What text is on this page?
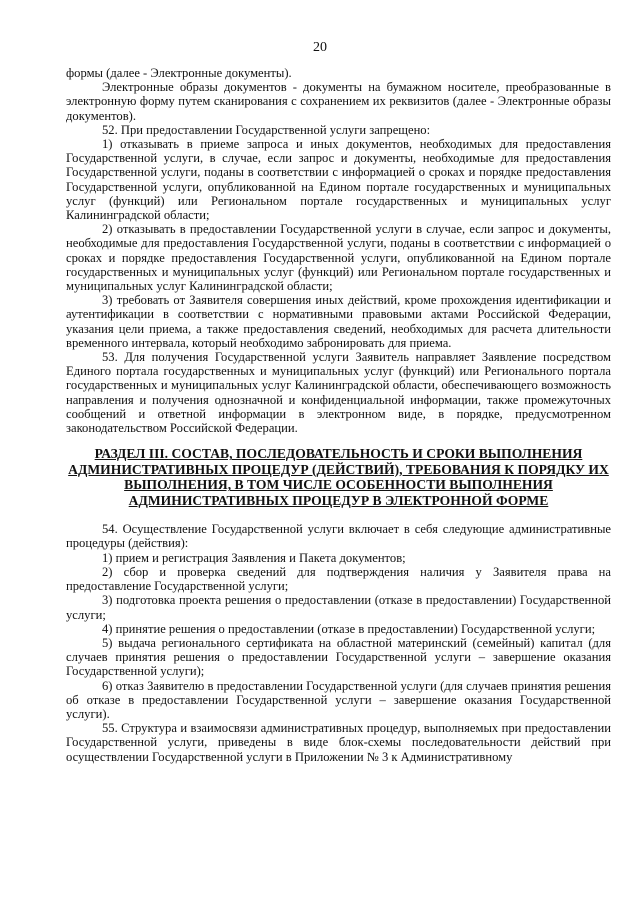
20

формы (далее - Электронные документы).

Электронные образы документов - документы на бумажном носителе, преобразованные в электронную форму путем сканирования с сохранением их реквизитов (далее - Электронные образы документов).

52. При предоставлении Государственной услуги запрещено:

1) отказывать в приеме запроса и иных документов, необходимых для предоставления Государственной услуги, в случае, если запрос и документы, необходимые для предоставления Государственной услуги, поданы в соответствии с информацией о сроках и порядке предоставления Государственной услуги, опубликованной на Едином портале государственных и муниципальных услуг (функций) или Региональном портале государственных и муниципальных услуг Калининградской области;

2) отказывать в предоставлении Государственной услуги в случае, если запрос и документы, необходимые для предоставления Государственной услуги, поданы в соответствии с информацией о сроках и порядке предоставления Государственной услуги, опубликованной на Едином портале государственных и муниципальных услуг (функций) или Региональном портале государственных и муниципальных услуг Калининградской области;

3) требовать от Заявителя совершения иных действий, кроме прохождения идентификации и аутентификации в соответствии с нормативными правовыми актами Российской Федерации, указания цели приема, а также предоставления сведений, необходимых для расчета длительности временного интервала, который необходимо забронировать для приема.

53. Для получения Государственной услуги Заявитель направляет Заявление посредством Единого портала государственных и муниципальных услуг (функций) или Регионального портала государственных и муниципальных услуг Калининградской области, обеспечивающего возможность направления и получения однозначной и конфиденциальной информации, также промежуточных сообщений и ответной информации в электронном виде, в порядке, предусмотренном законодательством Российской Федерации.

РАЗДЕЛ III. СОСТАВ, ПОСЛЕДОВАТЕЛЬНОСТЬ И СРОКИ ВЫПОЛНЕНИЯ АДМИНИСТРАТИВНЫХ ПРОЦЕДУР (ДЕЙСТВИЙ), ТРЕБОВАНИЯ К ПОРЯДКУ ИХ ВЫПОЛНЕНИЯ, В ТОМ ЧИСЛЕ ОСОБЕННОСТИ ВЫПОЛНЕНИЯ АДМИНИСТРАТИВНЫХ ПРОЦЕДУР В ЭЛЕКТРОННОЙ ФОРМЕ

54. Осуществление Государственной услуги включает в себя следующие административные процедуры (действия):

1) прием и регистрация Заявления и Пакета документов;

2) сбор и проверка сведений для подтверждения наличия у Заявителя права на предоставление Государственной услуги;

3) подготовка проекта решения о предоставлении (отказе в предоставлении) Государственной услуги;

4) принятие решения о предоставлении (отказе в предоставлении) Государственной услуги;

5) выдача регионального сертификата на областной материнский (семейный) капитал (для случаев принятия решения о предоставлении Государственной услуги – завершение оказания Государственной услуги);

6) отказ Заявителю в предоставлении Государственной услуги (для случаев принятия решения об отказе в предоставлении Государственной услуги – завершение оказания Государственной услуги).

55. Структура и взаимосвязи административных процедур, выполняемых при предоставлении Государственной услуги, приведены в виде блок-схемы последовательности действий при осуществлении Государственной услуги в Приложении № 3 к Административному
